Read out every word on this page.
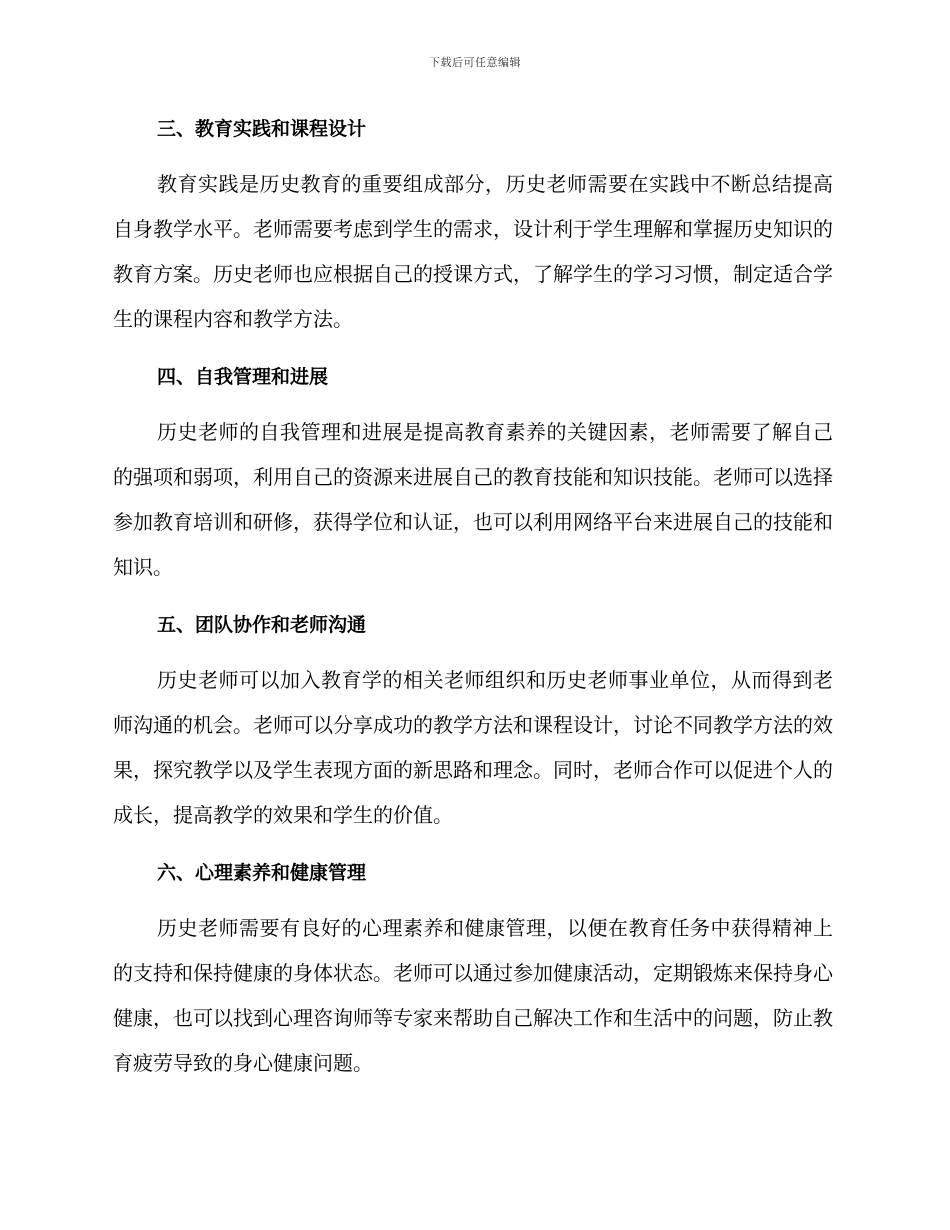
下载后可任意编辑
三、教育实践和课程设计

教育实践是历史教育的重要组成部分，历史老师需要在实践中不断总结提高自身教学水平。老师需要考虑到学生的需求，设计利于学生理解和掌握历史知识的教育方案。历史老师也应根据自己的授课方式，了解学生的学习习惯，制定适合学生的课程内容和教学方法。

四、自我管理和进展

历史老师的自我管理和进展是提高教育素养的关键因素，老师需要了解自己的强项和弱项，利用自己的资源来进展自己的教育技能和知识技能。老师可以选择参加教育培训和研修，获得学位和认证，也可以利用网络平台来进展自己的技能和知识。

五、团队协作和老师沟通

历史老师可以加入教育学的相关老师组织和历史老师事业单位，从而得到老师沟通的机会。老师可以分享成功的教学方法和课程设计，讨论不同教学方法的效果，探究教学以及学生表现方面的新思路和理念。同时，老师合作可以促进个人的成长，提高教学的效果和学生的价值。

六、心理素养和健康管理

历史老师需要有良好的心理素养和健康管理，以便在教育任务中获得精神上的支持和保持健康的身体状态。老师可以通过参加健康活动，定期锻炼来保持身心健康，也可以找到心理咨询师等专家来帮助自己解决工作和生活中的问题，防止教育疲劳导致的身心健康问题。
